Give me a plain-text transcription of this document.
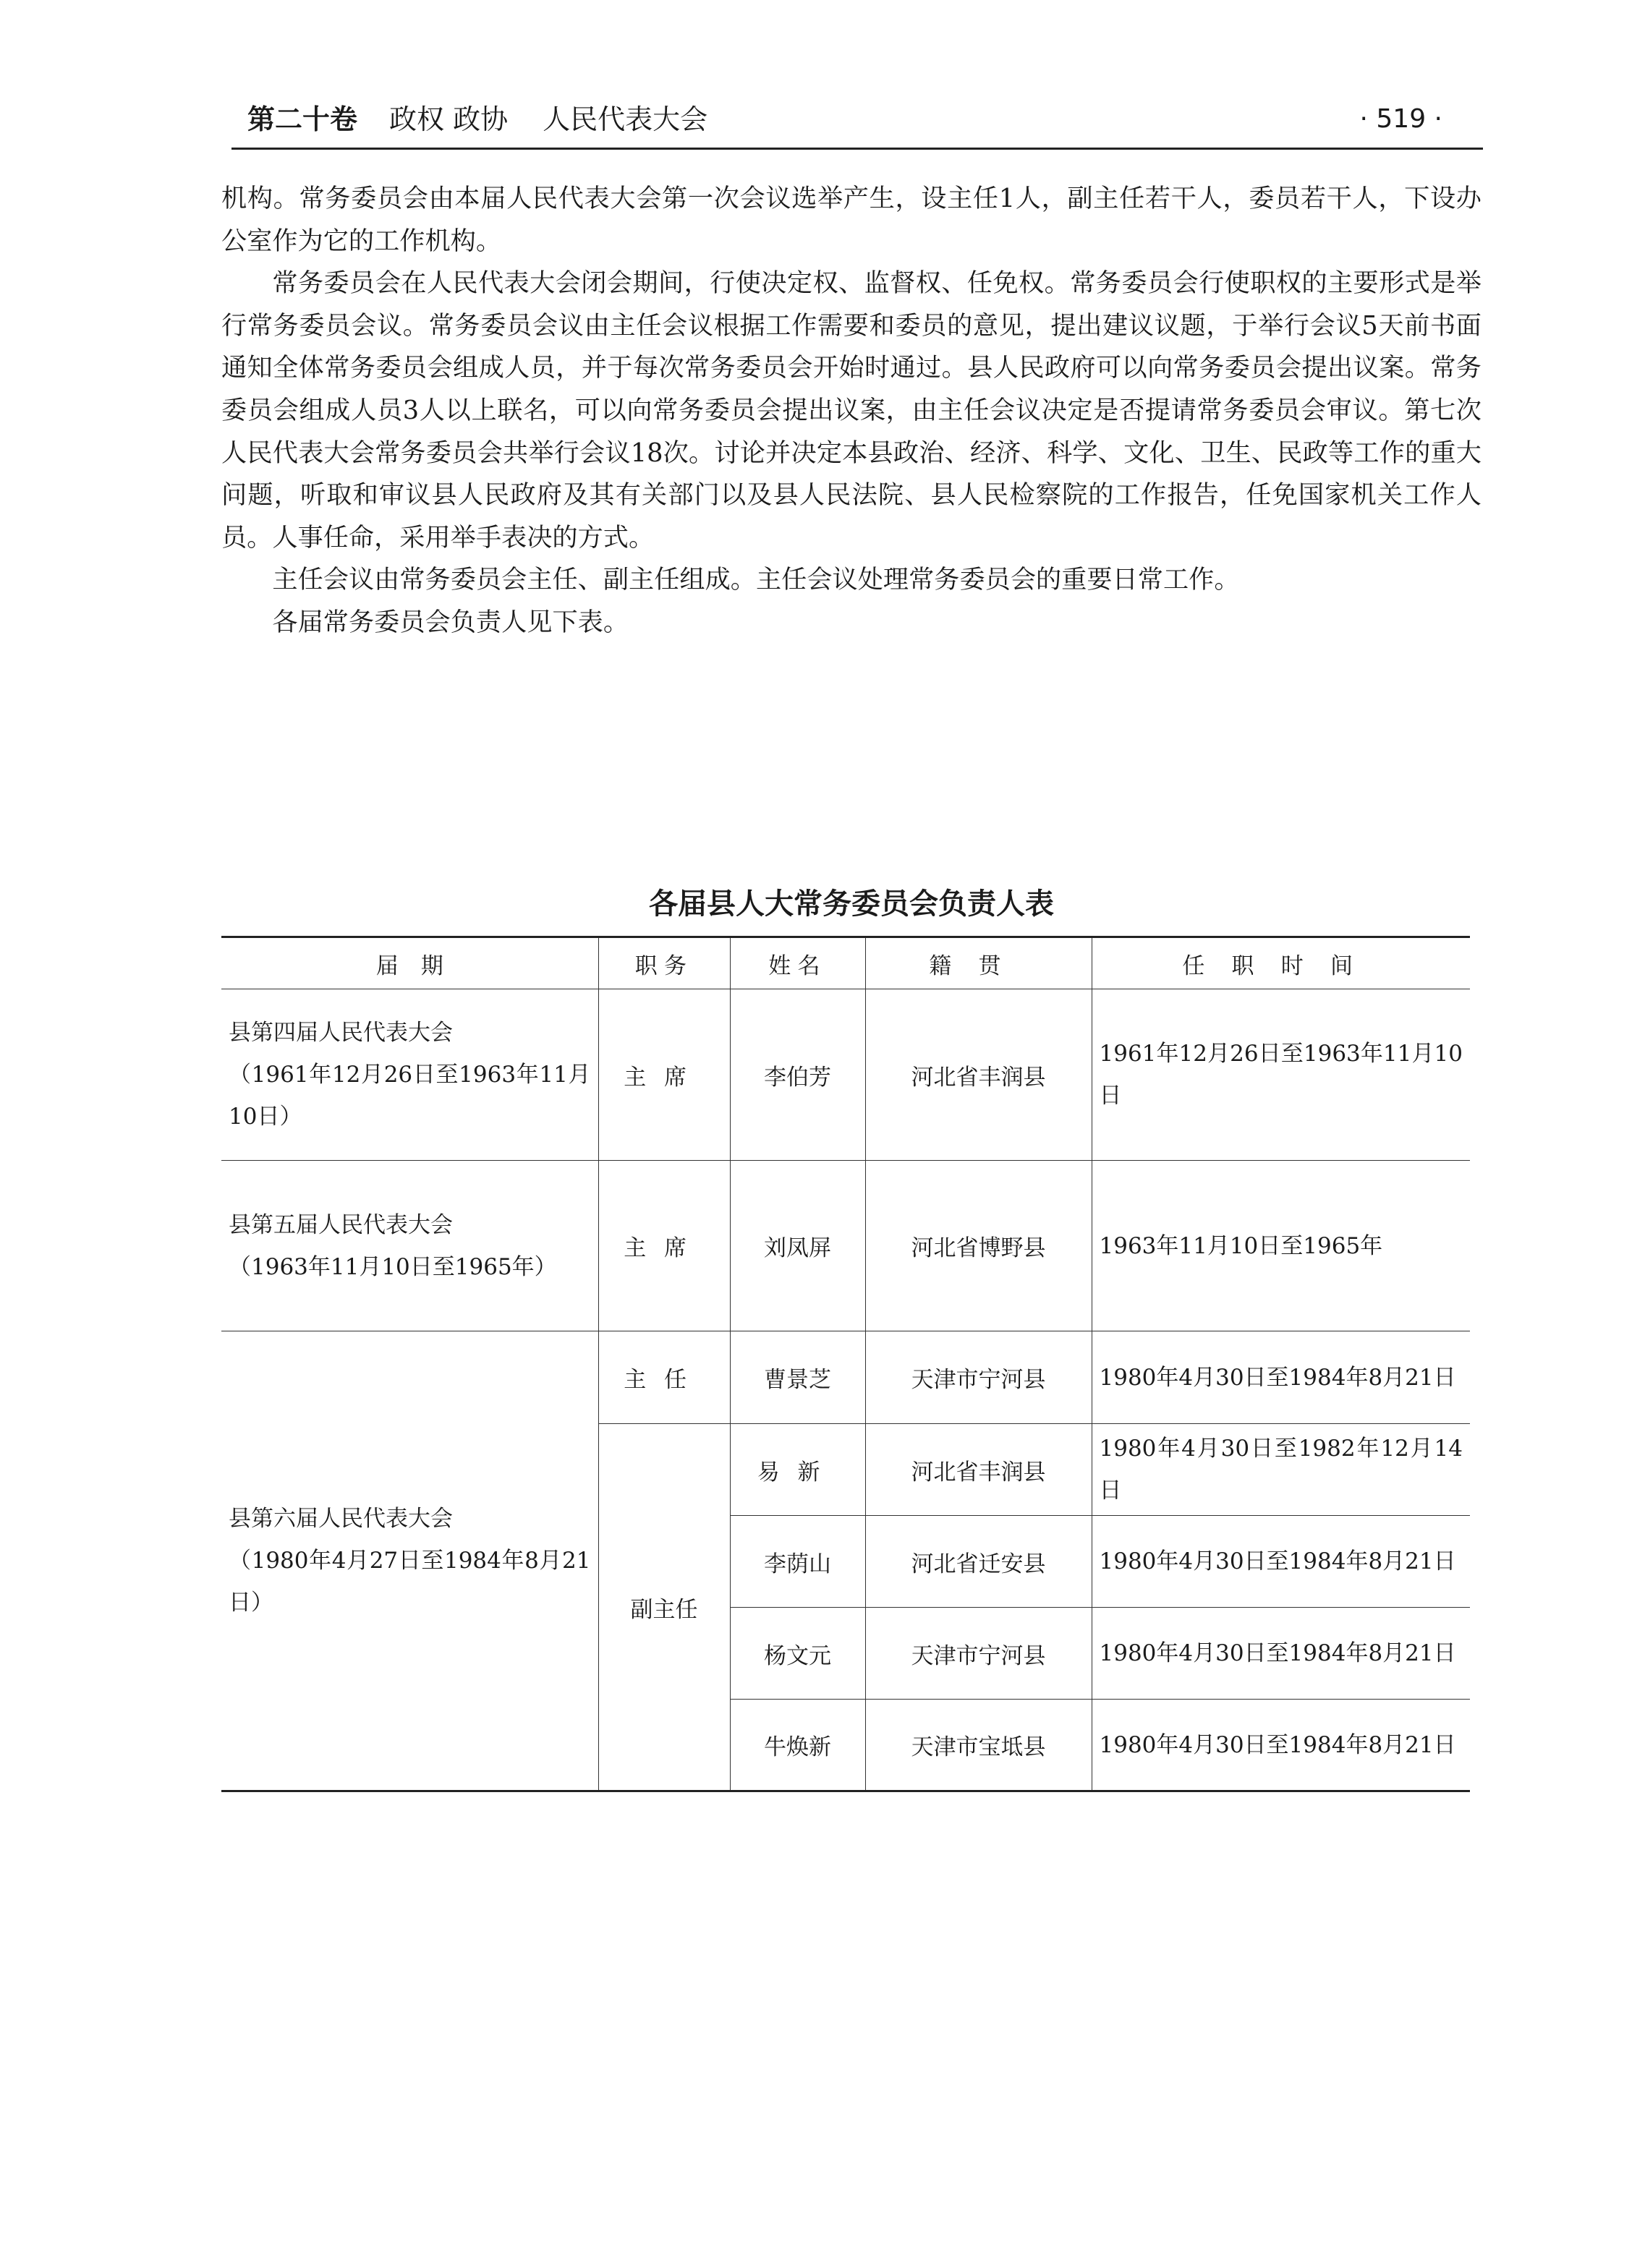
第二十卷 政权 政协 人民代表大会	· 519 ·

机构。常务委员会由本届人民代表大会第一次会议选举产生，设主任1人，副主任若干人，委员若干人，下设办公室作为它的工作机构。

常务委员会在人民代表大会闭会期间，行使决定权、监督权、任免权。常务委员会行使职权的主要形式是举行常务委员会议。常务委员会议由主任会议根据工作需要和委员的意见，提出建议议题，于举行会议5天前书面通知全体常务委员会组成人员，并于每次常务委员会开始时通过。县人民政府可以向常务委员会提出议案。常务委员会组成人员3人以上联名，可以向常务委员会提出议案，由主任会议决定是否提请常务委员会审议。第七次人民代表大会常务委员会共举行会议18次。讨论并决定本县政治、经济、科学、文化、卫生、民政等工作的重大问题，听取和审议县人民政府及其有关部门以及县人民法院、县人民检察院的工作报告，任免国家机关工作人员。人事任命，采用举手表决的方式。

主任会议由常务委员会主任、副主任组成。主任会议处理常务委员会的重要日常工作。

各届常务委员会负责人见下表。

各届县人大常务委员会负责人表
届　期	职务	姓名	籍贯	任职时间

县第四届人民代表大会
（1961年12月26日至1963年11月10日）	主席	李伯芳	河北省丰润县	1961年12月26日至1963年11月10日

县第五届人民代表大会
（1963年11月10日至1965年）	主席	刘凤屏	河北省博野县	1963年11月10日至1965年

县第六届人民代表大会
（1980年4月27日至1984年8月21日）	主任	曹景芝	天津市宁河县	1980年4月30日至1984年8月21日
	副主任	易新	河北省丰润县	1980年4月30日至1982年12月14日
		李荫山	河北省迁安县	1980年4月30日至1984年8月21日
		杨文元	天津市宁河县	1980年4月30日至1984年8月21日
		牛焕新	天津市宝坻县	1980年4月30日至1984年8月21日
